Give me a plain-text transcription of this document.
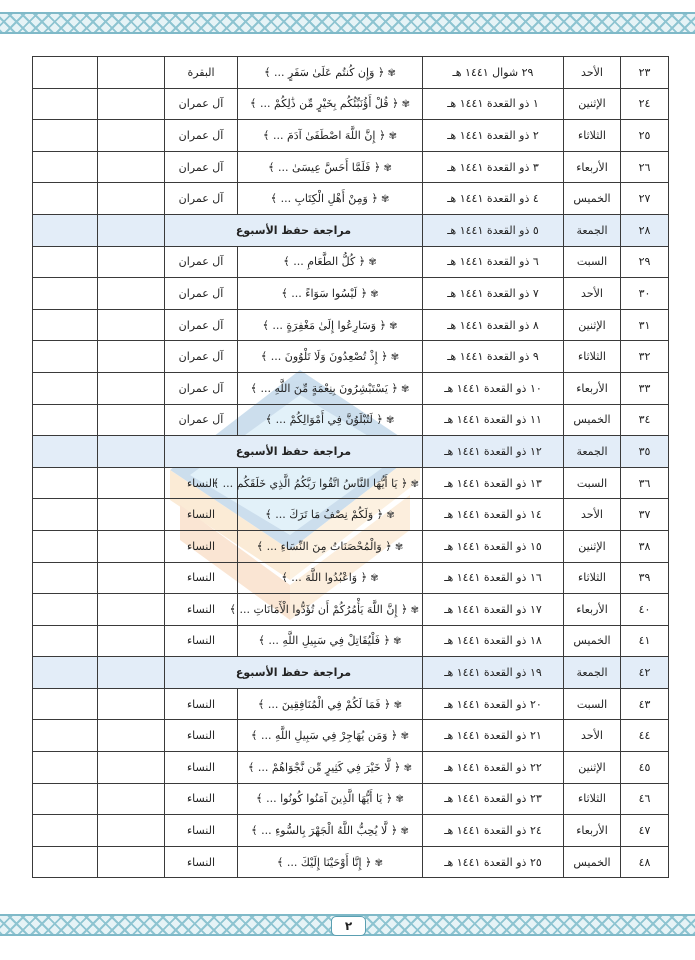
٢٣	الأحد	٢٩ شوال ١٤٤١ هـ	✾ ﴿ وَإِن كُنتُم عَلَىٰ سَفَرٍ ... ﴾	البقرة		
٢٤	الإثنين	١ ذو القعدة ١٤٤١ هـ	✾ ﴿ قُلْ أَؤُنَبِّئُكُم بِخَيْرٍ مِّن ذَٰلِكُمْ ... ﴾	آل عمران		
٢٥	الثلاثاء	٢ ذو القعدة ١٤٤١ هـ	✾ ﴿ إِنَّ اللَّهَ اصْطَفَىٰ آدَمَ ... ﴾	آل عمران		
٢٦	الأربعاء	٣ ذو القعدة ١٤٤١ هـ	✾ ﴿ فَلَمَّا أَحَسَّ عِيسَىٰ ... ﴾	آل عمران		
٢٧	الخميس	٤ ذو القعدة ١٤٤١ هـ	✾ ﴿ وَمِنْ أَهْلِ الْكِتَابِ ... ﴾	آل عمران		
٢٨	الجمعة	٥ ذو القعدة ١٤٤١ هـ	مراجعة حفظ الأسبوع			
٢٩	السبت	٦ ذو القعدة ١٤٤١ هـ	✾ ﴿ كُلُّ الطَّعَامِ ... ﴾	آل عمران		
٣٠	الأحد	٧ ذو القعدة ١٤٤١ هـ	✾ ﴿ لَيْسُوا سَوَاءً ... ﴾	آل عمران		
٣١	الإثنين	٨ ذو القعدة ١٤٤١ هـ	✾ ﴿ وَسَارِعُوا إِلَىٰ مَغْفِرَةٍ ... ﴾	آل عمران		
٣٢	الثلاثاء	٩ ذو القعدة ١٤٤١ هـ	✾ ﴿ إِذْ تُصْعِدُونَ وَلَا تَلْوُونَ ... ﴾	آل عمران		
٣٣	الأربعاء	١٠ ذو القعدة ١٤٤١ هـ	✾ ﴿ يَسْتَبْشِرُونَ بِنِعْمَةٍ مِّنَ اللَّهِ ... ﴾	آل عمران		
٣٤	الخميس	١١ ذو القعدة ١٤٤١ هـ	✾ ﴿ لَتُبْلَوُنَّ فِي أَمْوَالِكُمْ ... ﴾	آل عمران		
٣٥	الجمعة	١٢ ذو القعدة ١٤٤١ هـ	مراجعة حفظ الأسبوع			
٣٦	السبت	١٣ ذو القعدة ١٤٤١ هـ	✾ ﴿ يَا أَيُّهَا النَّاسُ اتَّقُوا رَبَّكُمُ الَّذِي خَلَقَكُم ... ﴾	النساء		
٣٧	الأحد	١٤ ذو القعدة ١٤٤١ هـ	✾ ﴿ وَلَكُمْ نِصْفُ مَا تَرَكَ ... ﴾	النساء		
٣٨	الإثنين	١٥ ذو القعدة ١٤٤١ هـ	✾ ﴿ وَالْمُحْصَنَاتُ مِنَ النِّسَاءِ ... ﴾	النساء		
٣٩	الثلاثاء	١٦ ذو القعدة ١٤٤١ هـ	✾ ﴿ وَاعْبُدُوا اللَّهَ ... ﴾	النساء		
٤٠	الأربعاء	١٧ ذو القعدة ١٤٤١ هـ	✾ ﴿ إِنَّ اللَّهَ يَأْمُرُكُمْ أَن تُؤَدُّوا الْأَمَانَاتِ ... ﴾	النساء		
٤١	الخميس	١٨ ذو القعدة ١٤٤١ هـ	✾ ﴿ فَلْيُقَاتِلْ فِي سَبِيلِ اللَّهِ ... ﴾	النساء		
٤٢	الجمعة	١٩ ذو القعدة ١٤٤١ هـ	مراجعة حفظ الأسبوع			
٤٣	السبت	٢٠ ذو القعدة ١٤٤١ هـ	✾ ﴿ فَمَا لَكُمْ فِي الْمُنَافِقِينَ ... ﴾	النساء		
٤٤	الأحد	٢١ ذو القعدة ١٤٤١ هـ	✾ ﴿ وَمَن يُهَاجِرْ فِي سَبِيلِ اللَّهِ ... ﴾	النساء		
٤٥	الإثنين	٢٢ ذو القعدة ١٤٤١ هـ	✾ ﴿ لَّا خَيْرَ فِي كَثِيرٍ مِّن نَّجْوَاهُمْ ... ﴾	النساء		
٤٦	الثلاثاء	٢٣ ذو القعدة ١٤٤١ هـ	✾ ﴿ يَا أَيُّهَا الَّذِينَ آمَنُوا كُونُوا ... ﴾	النساء		
٤٧	الأربعاء	٢٤ ذو القعدة ١٤٤١ هـ	✾ ﴿ لَّا يُحِبُّ اللَّهُ الْجَهْرَ بِالسُّوءِ ... ﴾	النساء		
٤٨	الخميس	٢٥ ذو القعدة ١٤٤١ هـ	✾ ﴿ إِنَّا أَوْحَيْنَا إِلَيْكَ ... ﴾	النساء		
٢
